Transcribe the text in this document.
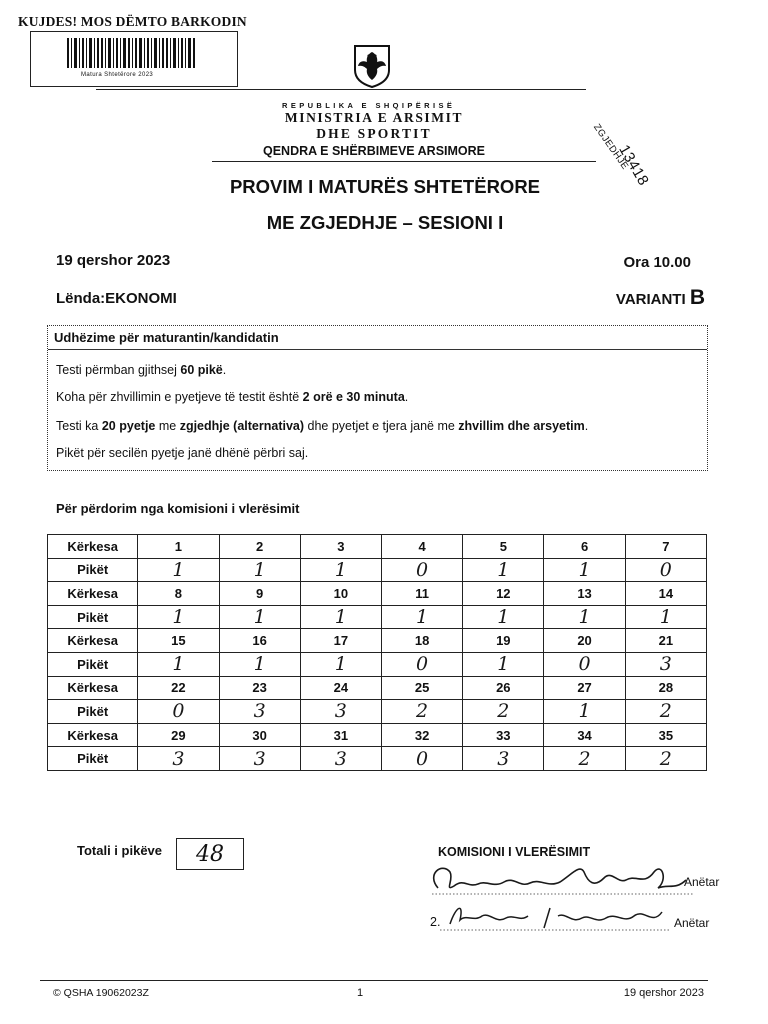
KUJDES! MOS DËMTO BARKODIN
Matura Shtetërore 2023
REPUBLIKA E SHQIPËRISË
MINISTRIA E ARSIMIT
DHE SPORTIT
QENDRA E SHËRBIMEVE ARSIMORE	ZGJEDHJE
13418
PROVIM I MATURËS SHTETËRORE
ME ZGJEDHJE – SESIONI I
19 qershor 2023	Ora 10.00
Lënda:EKONOMI	VARIANTI B
Udhëzime për maturantin/kandidatin
Testi përmban gjithsej 60 pikë.
Koha për zhvillimin e pyetjeve të testit është 2 orë e 30 minuta.
Testi ka 20 pyetje me zgjedhje (alternativa) dhe pyetjet e tjera janë me zhvillim dhe arsyetim.
Pikët për secilën pyetje janë dhënë përbri saj.
Për përdorim nga komisioni i vlerësimit
Kërkesa	1	2	3	4	5	6	7
Pikët	1	1	1	0	1	1	0
Kërkesa	8	9	10	11	12	13	14
Pikët	1	1	1	1	1	1	1
Kërkesa	15	16	17	18	19	20	21
Pikët	1	1	1	0	1	0	3
Kërkesa	22	23	24	25	26	27	28
Pikët	0	3	3	2	2	1	2
Kërkesa	29	30	31	32	33	34	35
Pikët	3	3	3	0	3	2	2
Totali i pikëve	48	KOMISIONI I VLERËSIMIT
Anëtar
2.	Anëtar
© QSHA 19062023Z	1	19 qershor 2023
